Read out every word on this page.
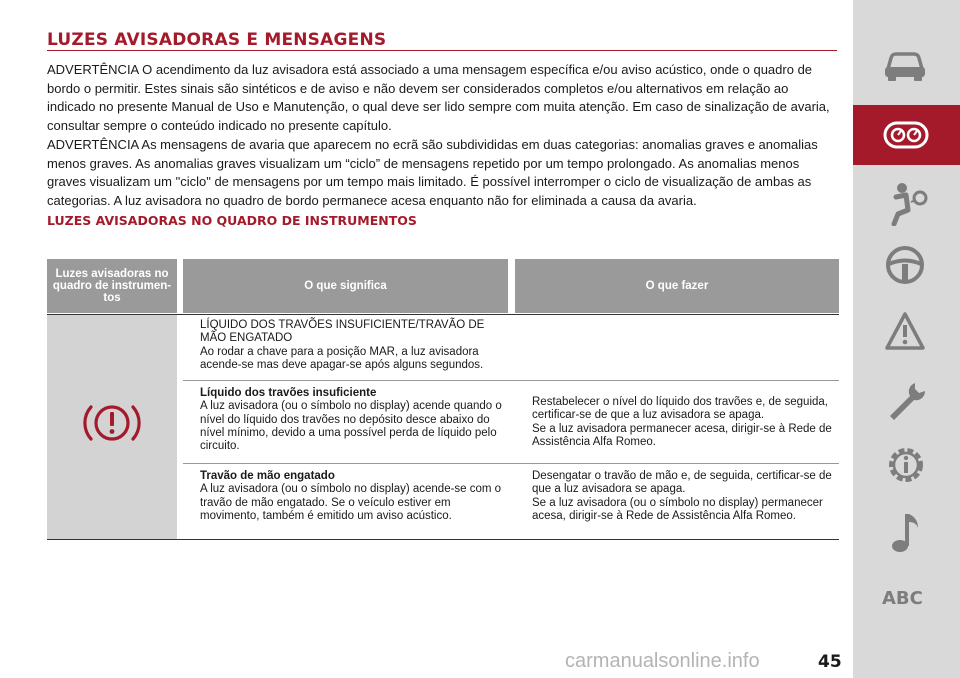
LUZES AVISADORAS E MENSAGENS

ADVERTÊNCIA O acendimento da luz avisadora está associado a uma mensagem específica e/ou aviso acústico, onde o quadro de bordo o permitir. Estes sinais são sintéticos e de aviso e não devem ser considerados completos e/ou alternativos em relação ao indicado no presente Manual de Uso e Manutenção, o qual deve ser lido sempre com muita atenção. Em caso de sinalização de avaria, consultar sempre o conteúdo indicado no presente capítulo.

ADVERTÊNCIA As mensagens de avaria que aparecem no ecrã são subdivididas em duas categorias: anomalias graves e anomalias menos graves. As anomalias graves visualizam um “ciclo” de mensagens repetido por um tempo prolongado. As anomalias menos graves visualizam um "ciclo" de mensagens por um tempo mais limitado. É possível interromper o ciclo de visualização de ambas as categorias. A luz avisadora no quadro de bordo permanece acesa enquanto não for eliminada a causa da avaria.

LUZES AVISADORAS NO QUADRO DE INSTRUMENTOS
Luzes avisadoras no quadro de instrumen-tos
O que significa	O que fazer
LÍQUIDO DOS TRAVÕES INSUFICIENTE/TRAVÃO DE MÃO ENGATADO
Ao rodar a chave para a posição MAR, a luz avisadora acende-se mas deve apagar-se após alguns segundos.
Líquido dos travões insuficiente
A luz avisadora (ou o símbolo no display) acende quando o nível do líquido dos travões no depósito desce abaixo do nível mínimo, devido a uma possível perda de líquido pelo circuito.
Restabelecer o nível do líquido dos travões e, de seguida, certificar-se de que a luz avisadora se apaga.
Se a luz avisadora permanecer acesa, dirigir-se à Rede de Assistência Alfa Romeo.
Travão de mão engatado
A luz avisadora (ou o símbolo no display) acende-se com o travão de mão engatado. Se o veículo estiver em movimento, também é emitido um aviso acústico.
Desengatar o travão de mão e, de seguida, certificar-se de que a luz avisadora se apaga.
Se a luz avisadora (ou o símbolo no display) permanecer acesa, dirigir-se à Rede de Assistência Alfa Romeo.
45
ABC
carmanualsonline.info
